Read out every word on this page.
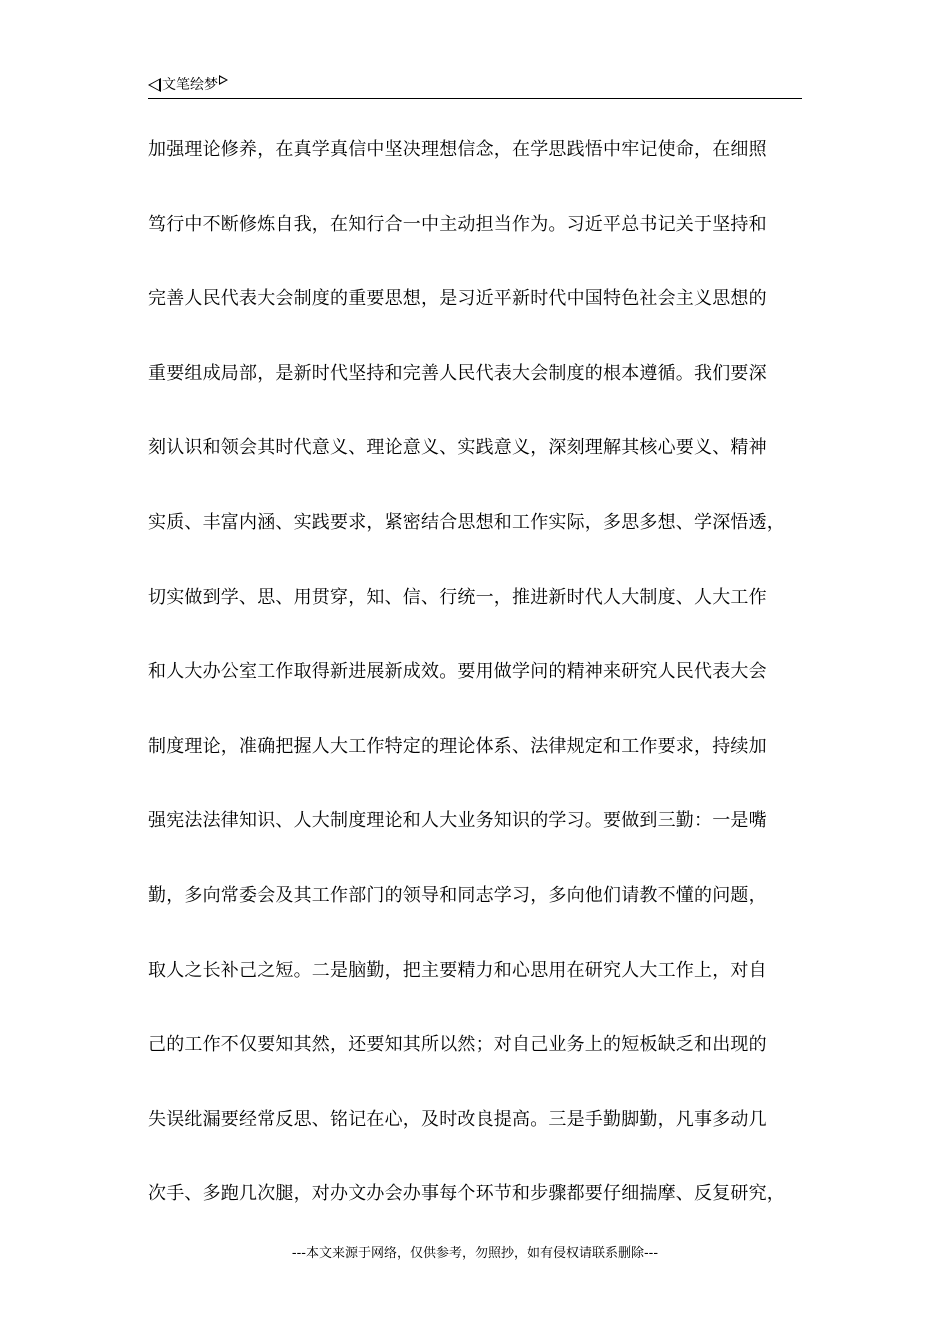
文笔绘梦
加强理论修养，在真学真信中坚决理想信念，在学思践悟中牢记使命，在细照
笃行中不断修炼自我，在知行合一中主动担当作为。习近平总书记关于坚持和
完善人民代表大会制度的重要思想，是习近平新时代中国特色社会主义思想的
重要组成局部，是新时代坚持和完善人民代表大会制度的根本遵循。我们要深
刻认识和领会其时代意义、理论意义、实践意义，深刻理解其核心要义、精神
实质、丰富内涵、实践要求，紧密结合思想和工作实际，多思多想、学深悟透，
切实做到学、思、用贯穿，知、信、行统一，推进新时代人大制度、人大工作
和人大办公室工作取得新进展新成效。要用做学问的精神来研究人民代表大会
制度理论，准确把握人大工作特定的理论体系、法律规定和工作要求，持续加
强宪法法律知识、人大制度理论和人大业务知识的学习。要做到三勤：一是嘴
勤，多向常委会及其工作部门的领导和同志学习，多向他们请教不懂的问题，
取人之长补己之短。二是脑勤，把主要精力和心思用在研究人大工作上，对自
己的工作不仅要知其然，还要知其所以然；对自己业务上的短板缺乏和出现的
失误纰漏要经常反思、铭记在心，及时改良提高。三是手勤脚勤，凡事多动几
次手、多跑几次腿，对办文办会办事每个环节和步骤都要仔细揣摩、反复研究，
---本文来源于网络，仅供参考，勿照抄，如有侵权请联系删除---
